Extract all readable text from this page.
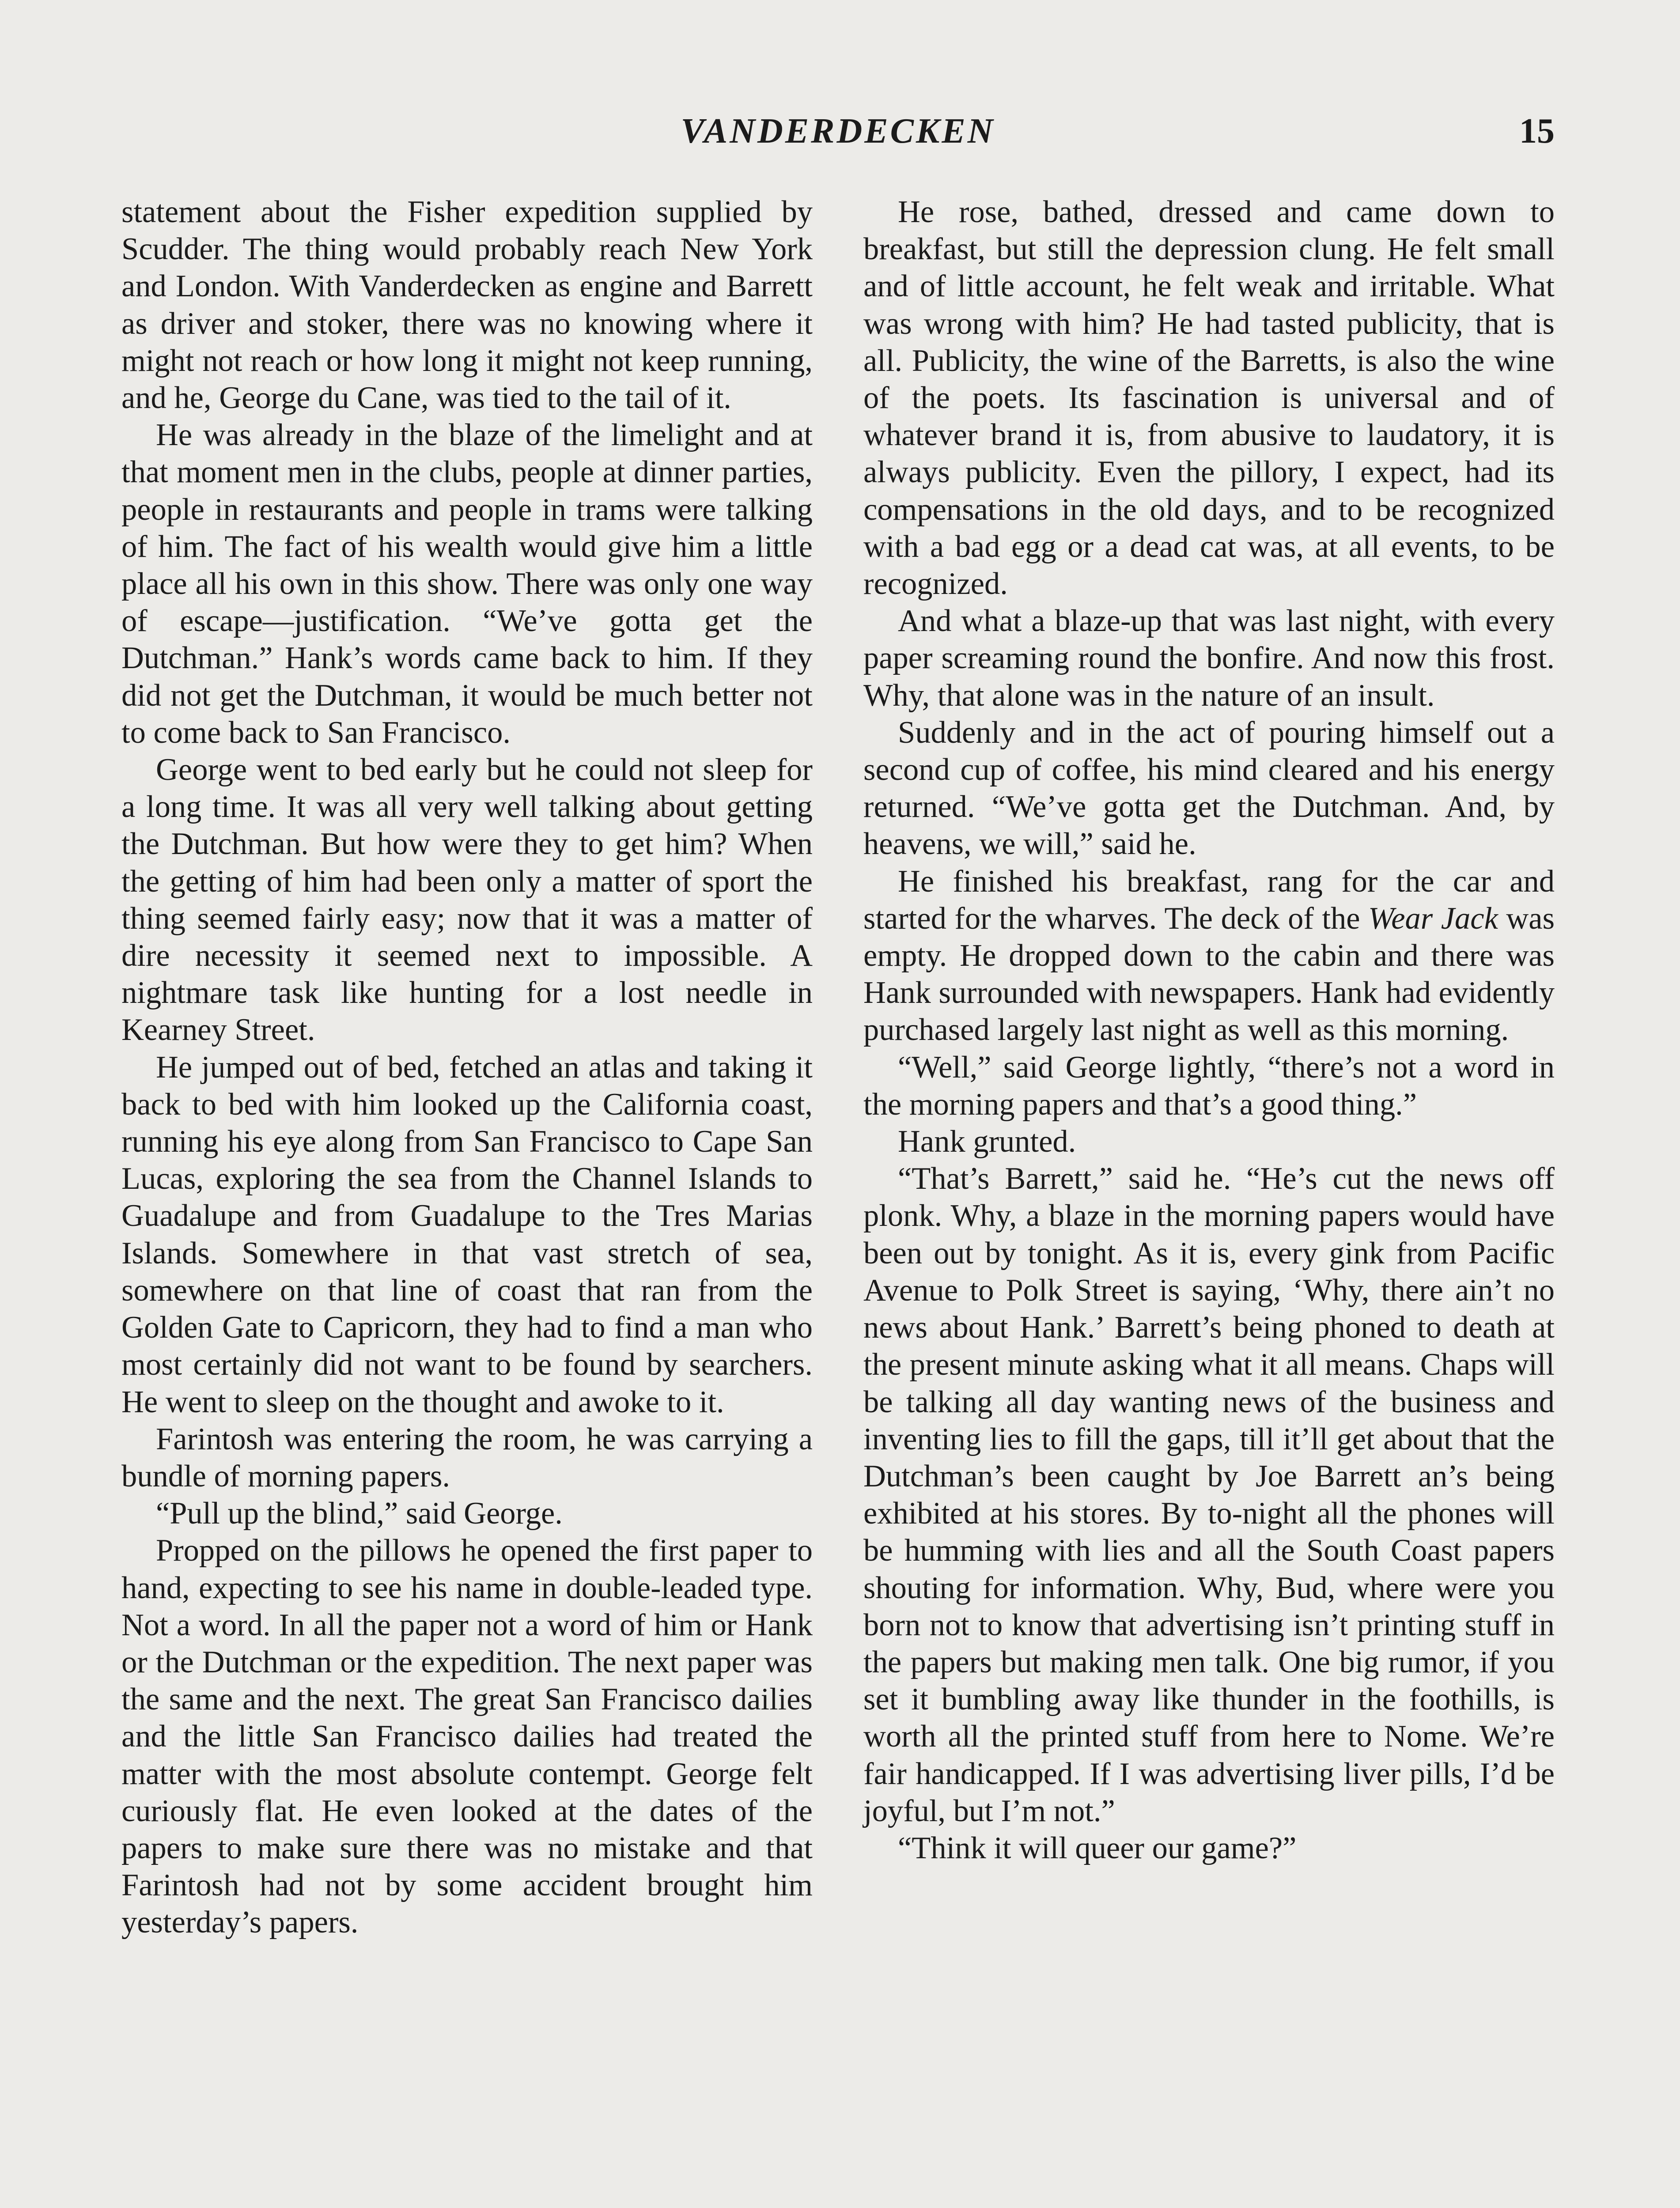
VANDERDECKEN	15

statement about the Fisher expedition supplied by Scudder. The thing would probably reach New York and London. With Vanderdecken as engine and Barrett as driver and stoker, there was no knowing where it might not reach or how long it might not keep running, and he, George du Cane, was tied to the tail of it.

He was already in the blaze of the limelight and at that moment men in the clubs, people at dinner parties, people in restaurants and people in trams were talking of him. The fact of his wealth would give him a little place all his own in this show. There was only one way of escape—justification. “We’ve gotta get the Dutchman.” Hank’s words came back to him. If they did not get the Dutchman, it would be much better not to come back to San Francisco.

George went to bed early but he could not sleep for a long time. It was all very well talking about getting the Dutchman. But how were they to get him? When the getting of him had been only a matter of sport the thing seemed fairly easy; now that it was a matter of dire necessity it seemed next to impossible. A nightmare task like hunting for a lost needle in Kearney Street.

He jumped out of bed, fetched an atlas and taking it back to bed with him looked up the California coast, running his eye along from San Francisco to Cape San Lucas, exploring the sea from the Channel Islands to Guadalupe and from Guadalupe to the Tres Marias Islands. Somewhere in that vast stretch of sea, somewhere on that line of coast that ran from the Golden Gate to Capricorn, they had to find a man who most certainly did not want to be found by searchers. He went to sleep on the thought and awoke to it.

Farintosh was entering the room, he was carrying a bundle of morning papers.

“Pull up the blind,” said George.

Propped on the pillows he opened the first paper to hand, expecting to see his name in double-leaded type. Not a word. In all the paper not a word of him or Hank or the Dutchman or the expedition. The next paper was the same and the next. The great San Francisco dailies and the little San Francisco dailies had treated the matter with the most absolute contempt. George felt curiously flat. He even looked at the dates of the papers to make sure there was no mistake and that Farintosh had not by some accident brought him yesterday’s papers.

He rose, bathed, dressed and came down to breakfast, but still the depression clung. He felt small and of little account, he felt weak and irritable. What was wrong with him? He had tasted publicity, that is all. Publicity, the wine of the Barretts, is also the wine of the poets. Its fascination is universal and of whatever brand it is, from abusive to laudatory, it is always publicity. Even the pillory, I expect, had its compensations in the old days, and to be recognized with a bad egg or a dead cat was, at all events, to be recognized.

And what a blaze-up that was last night, with every paper screaming round the bonfire. And now this frost. Why, that alone was in the nature of an insult.

Suddenly and in the act of pouring himself out a second cup of coffee, his mind cleared and his energy returned. “We’ve gotta get the Dutchman. And, by heavens, we will,” said he.

He finished his breakfast, rang for the car and started for the wharves. The deck of the Wear Jack was empty. He dropped down to the cabin and there was Hank surrounded with newspapers. Hank had evidently purchased largely last night as well as this morning.

“Well,” said George lightly, “there’s not a word in the morning papers and that’s a good thing.”

Hank grunted.

“That’s Barrett,” said he. “He’s cut the news off plonk. Why, a blaze in the morning papers would have been out by tonight. As it is, every gink from Pacific Avenue to Polk Street is saying, ‘Why, there ain’t no news about Hank.’ Barrett’s being phoned to death at the present minute asking what it all means. Chaps will be talking all day wanting news of the business and inventing lies to fill the gaps, till it’ll get about that the Dutchman’s been caught by Joe Barrett an’s being exhibited at his stores. By to-night all the phones will be humming with lies and all the South Coast papers shouting for information. Why, Bud, where were you born not to know that advertising isn’t printing stuff in the papers but making men talk. One big rumor, if you set it bumbling away like thunder in the foothills, is worth all the printed stuff from here to Nome. We’re fair handicapped. If I was advertising liver pills, I’d be joyful, but I’m not.”

“Think it will queer our game?”
